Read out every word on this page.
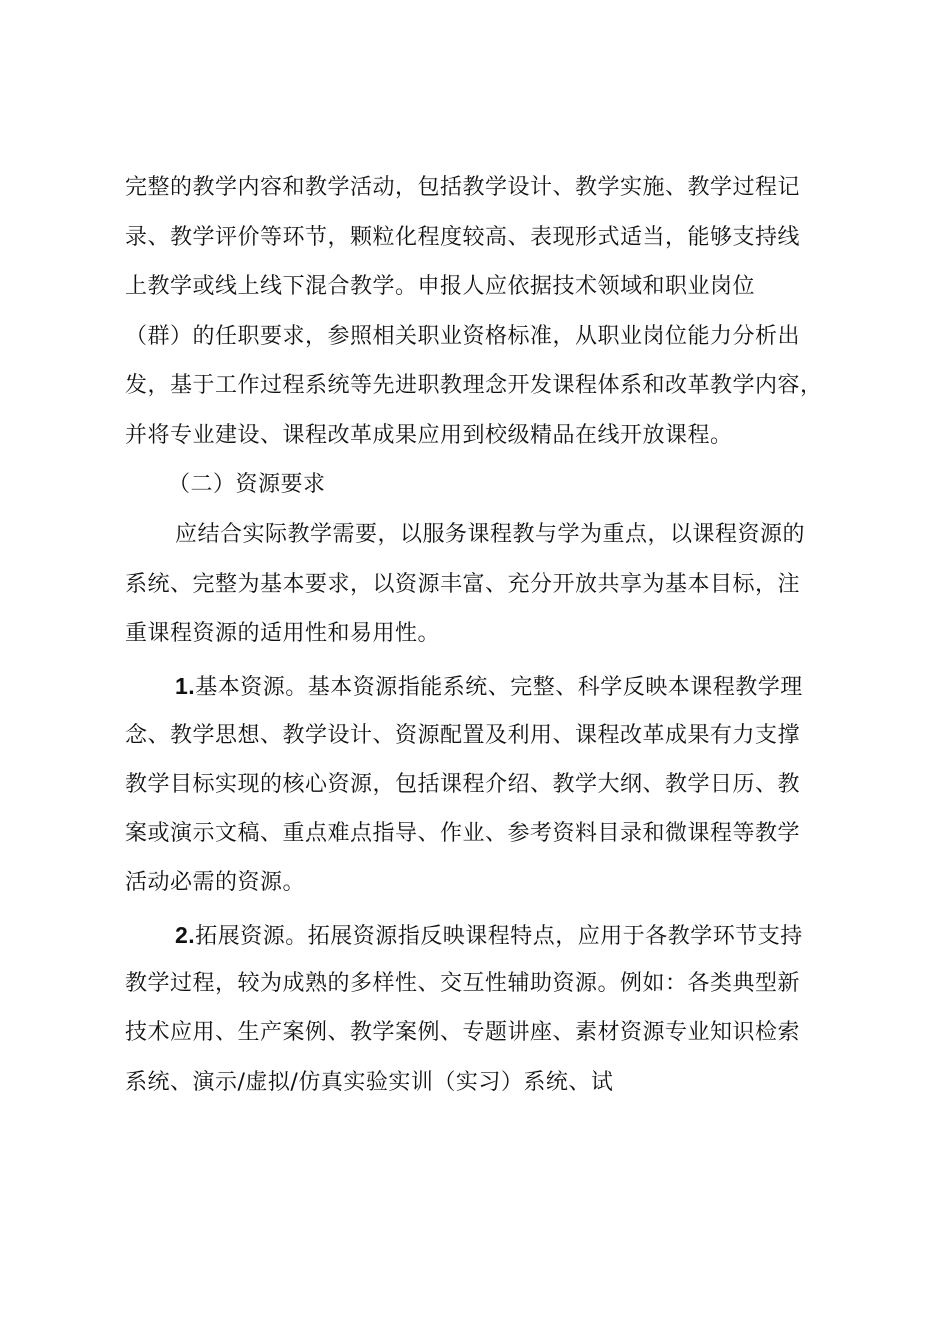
完整的教学内容和教学活动，包括教学设计、教学实施、教学过程记
录、教学评价等环节，颗粒化程度较高、表现形式适当，能够支持线
上教学或线上线下混合教学。申报人应依据技术领域和职业岗位
（群）的任职要求，参照相关职业资格标准，从职业岗位能力分析出
发，基于工作过程系统等先进职教理念开发课程体系和改革教学内容，
并将专业建设、课程改革成果应用到校级精品在线开放课程。
（二）资源要求
应结合实际教学需要，以服务课程教与学为重点，以课程资源的
系统、完整为基本要求，以资源丰富、充分开放共享为基本目标，注
重课程资源的适用性和易用性。
1.基本资源。基本资源指能系统、完整、科学反映本课程教学理
念、教学思想、教学设计、资源配置及利用、课程改革成果有力支撑
教学目标实现的核心资源，包括课程介绍、教学大纲、教学日历、教
案或演示文稿、重点难点指导、作业、参考资料目录和微课程等教学
活动必需的资源。
2.拓展资源。拓展资源指反映课程特点，应用于各教学环节支持
教学过程，较为成熟的多样性、交互性辅助资源。例如：各类典型新
技术应用、生产案例、教学案例、专题讲座、素材资源专业知识检索
系统、演示/虚拟/仿真实验实训（实习）系统、试
